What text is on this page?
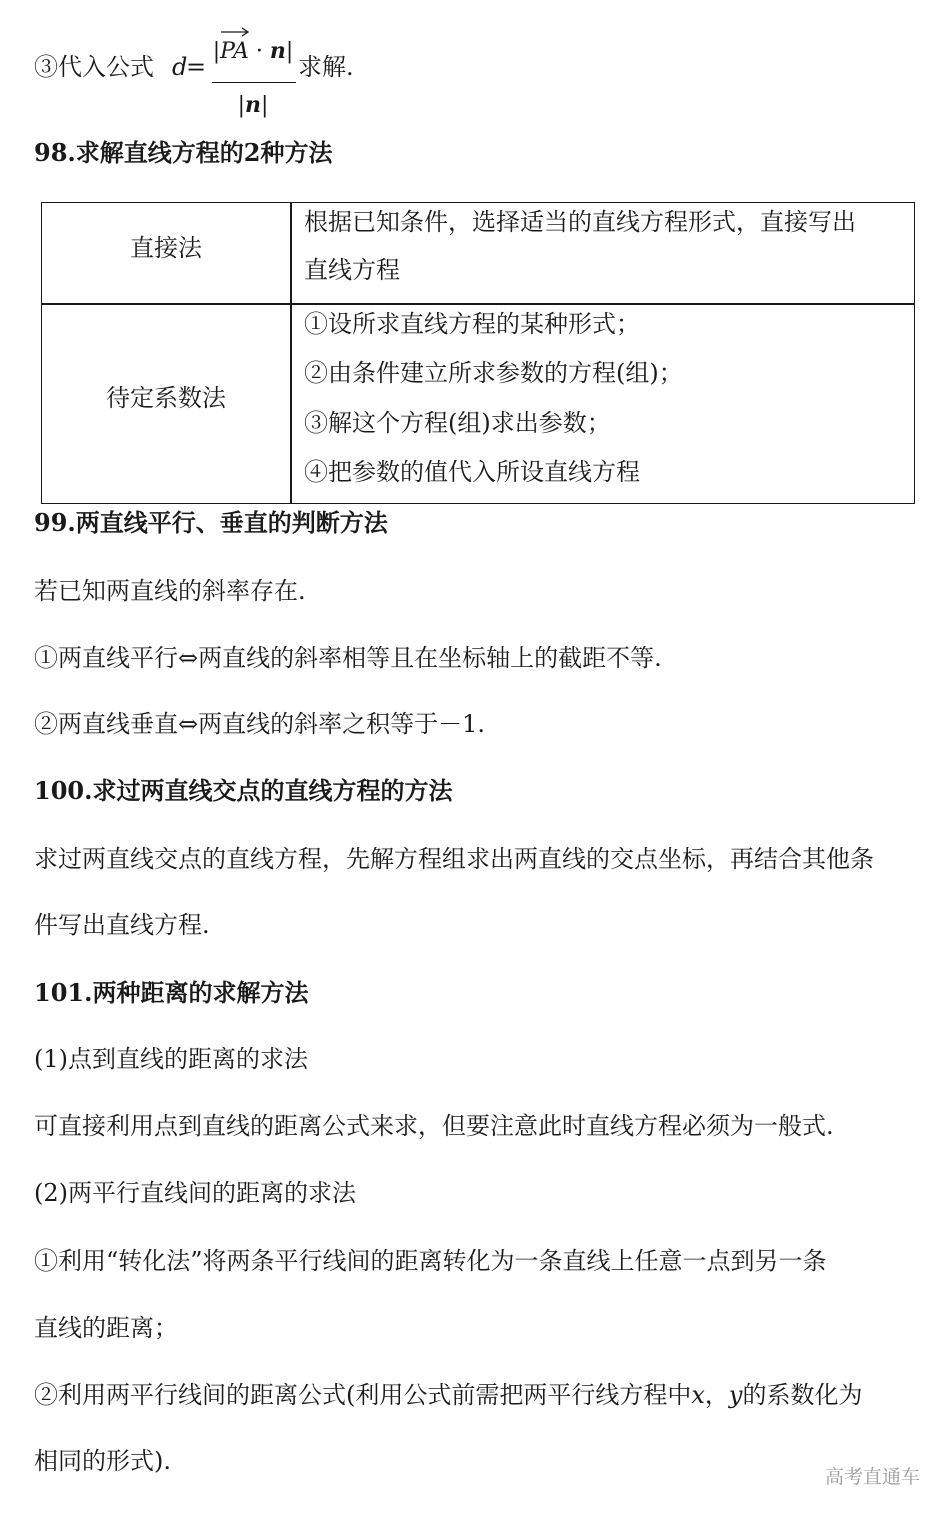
③代入公式 d
=
|
PA · n|
|n|
求解.
98.求解直线方程的2种方法
直接法
根据已知条件，选择适当的直线方程形式，直接写出
直线方程
待定系数法
①设所求直线方程的某种形式；
②由条件建立所求参数的方程(组)；
③解这个方程(组)求出参数；
④把参数的值代入所设直线方程
99.两直线平行、垂直的判断方法
若已知两直线的斜率存在.
①两直线平行⇔两直线的斜率相等且在坐标轴上的截距不等.
②两直线垂直⇔两直线的斜率之积等于－1.
100.求过两直线交点的直线方程的方法
求过两直线交点的直线方程，先解方程组求出两直线的交点坐标，再结合其他条
件写出直线方程.
101.两种距离的求解方法
(1)点到直线的距离的求法
可直接利用点到直线的距离公式来求，但要注意此时直线方程必须为一般式.
(2)两平行直线间的距离的求法
①利用“转化法”将两条平行线间的距离转化为一条直线上任意一点到另一条
直线的距离；
②利用两平行线间的距离公式(利用公式前需把两平行线方程中x，y的系数化为
相同的形式).
高考直通车
